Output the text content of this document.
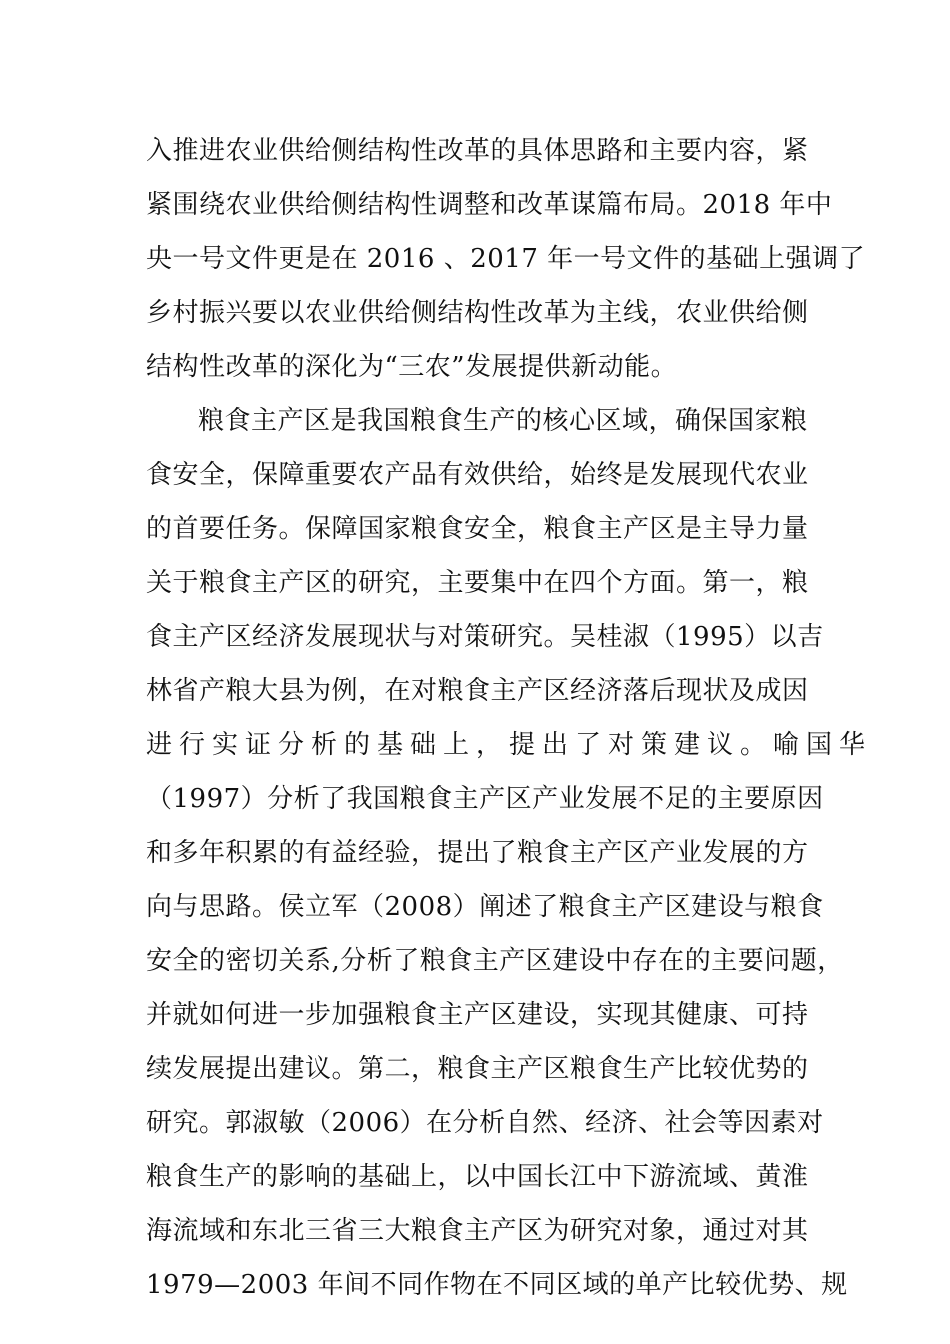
入推进农业供给侧结构性改革的具体思路和主要内容，紧
紧围绕农业供给侧结构性调整和改革谋篇布局。2018 年中
央一号文件更是在 2016 、2017 年一号文件的基础上强调了
乡村振兴要以农业供给侧结构性改革为主线，农业供给侧
结构性改革的深化为“三农”发展提供新动能。
粮食主产区是我国粮食生产的核心区域，确保国家粮
食安全，保障重要农产品有效供给，始终是发展现代农业
的首要任务。保障国家粮食安全，粮食主产区是主导力量
关于粮食主产区的研究，主要集中在四个方面。第一，粮
食主产区经济发展现状与对策研究。吴桂淑（1995）以吉
林省产粮大县为例，在对粮食主产区经济落后现状及成因
进行实证分析的基础上，提出了对策建议。喻国华
（1997）分析了我国粮食主产区产业发展不足的主要原因
和多年积累的有益经验，提出了粮食主产区产业发展的方
向与思路。侯立军（2008）阐述了粮食主产区建设与粮食
安全的密切关系,分析了粮食主产区建设中存在的主要问题，
并就如何进一步加强粮食主产区建设，实现其健康、可持
续发展提出建议。第二，粮食主产区粮食生产比较优势的
研究。郭淑敏（2006）在分析自然、经济、社会等因素对
粮食生产的影响的基础上，以中国长江中下游流域、黄淮
海流域和东北三省三大粮食主产区为研究对象，通过对其
1979—2003 年间不同作物在不同区域的单产比较优势、规
